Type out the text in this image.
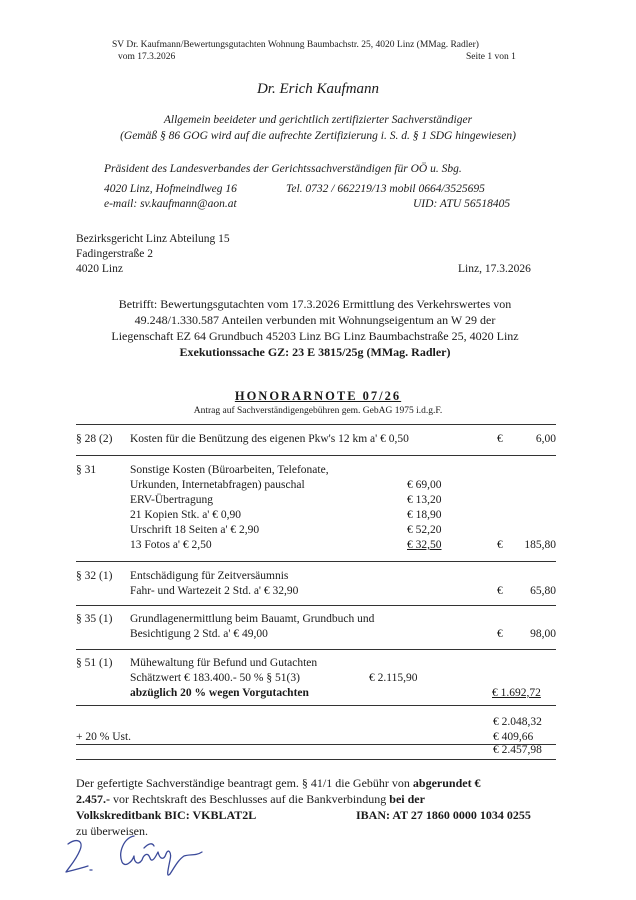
SV Dr. Kaufmann/Bewertungsgutachten Wohnung Baumbachstr. 25, 4020 Linz (MMag. Radler)
vom 17.3.2026	Seite 1 von 1
Dr. Erich Kaufmann
Allgemein beeideter und gerichtlich zertifizierter Sachverständiger
(Gemäß § 86 GOG wird auf die aufrechte Zertifizierung i. S. d. § 1 SDG hingewiesen)
Präsident des Landesverbandes der Gerichtssachverständigen für OÖ u. Sbg.
4020 Linz, Hofmeindlweg 16	Tel. 0732 / 662219/13 mobil 0664/3525695
e-mail: sv.kaufmann@aon.at	UID: ATU 56518405
Bezirksgericht Linz Abteilung 15
Fadingerstraße 2
4020 Linz	Linz, 17.3.2026
Betrifft: Bewertungsgutachten vom 17.3.2026 Ermittlung des Verkehrswertes von
49.248/1.330.587 Anteilen verbunden mit Wohnungseigentum an W 29 der
Liegenschaft EZ 64 Grundbuch 45203 Linz BG Linz Baumbachstraße 25, 4020 Linz
Exekutionssache GZ: 23 E 3815/25g (MMag. Radler)
HONORARNOTE 07/26
Antrag auf Sachverständigengebühren gem. GebAG 1975 i.d.g.F.
§ 28 (2) Kosten für die Benützung des eigenen Pkw's 12 km a' € 0,50	€	6,00
§ 31	Sonstige Kosten (Büroarbeiten, Telefonate,
Urkunden, Internetabfragen) pauschal	€ 69,00
ERV-Übertragung	€ 13,20
21 Kopien Stk. a' € 0,90	€ 18,90
Urschrift 18 Seiten a' € 2,90	€ 52,20
13 Fotos a' € 2,50	€ 32,50	€	185,80
§ 32 (1) Entschädigung für Zeitversäumnis
Fahr- und Wartezeit 2 Std. a' € 32,90	€	65,80
§ 35 (1) Grundlagenermittlung beim Bauamt, Grundbuch und
Besichtigung 2 Std. a' € 49,00	€	98,00
§ 51 (1) Mühewaltung für Befund und Gutachten
Schätzwert € 183.400.- 50 % § 51(3)	€ 2.115,90
abzüglich 20 % wegen Vorgutachten	€ 1.692,72
€ 2.048,32
+ 20 % Ust.	€ 409,66
€ 2.457,98
Der gefertigte Sachverständige beantragt gem. § 41/1 die Gebühr von abgerundet €
2.457.- vor Rechtskraft des Beschlusses auf die Bankverbindung bei der
Volkskreditbank BIC: VKBLAT2L	IBAN: AT 27 1860 0000 1034 0255
zu überweisen.
